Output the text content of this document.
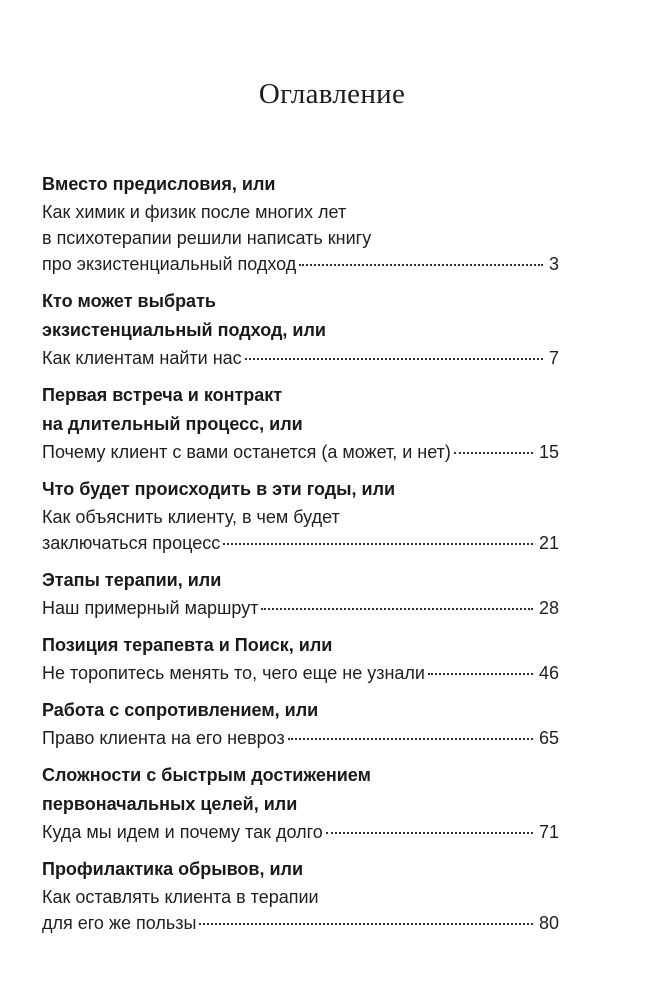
Оглавление
Вместо предисловия, или
Как химик и физик после многих лет
в психотерапии решили написать книгу
про экзистенциальный подход	3
Кто может выбрать
экзистенциальный подход, или
Как клиентам найти нас	7
Первая встреча и контракт
на длительный процесс, или
Почему клиент с вами останется (а может, и нет)	15
Что будет происходить в эти годы, или
Как объяснить клиенту, в чем будет
заключаться процесс	21
Этапы терапии, или
Наш примерный маршрут	28
Позиция терапевта и Поиск, или
Не торопитесь менять то, чего еще не узнали	46
Работа с сопротивлением, или
Право клиента на его невроз	65
Сложности с быстрым достижением
первоначальных целей, или
Куда мы идем и почему так долго	71
Профилактика обрывов, или
Как оставлять клиента в терапии
для его же пользы	80
